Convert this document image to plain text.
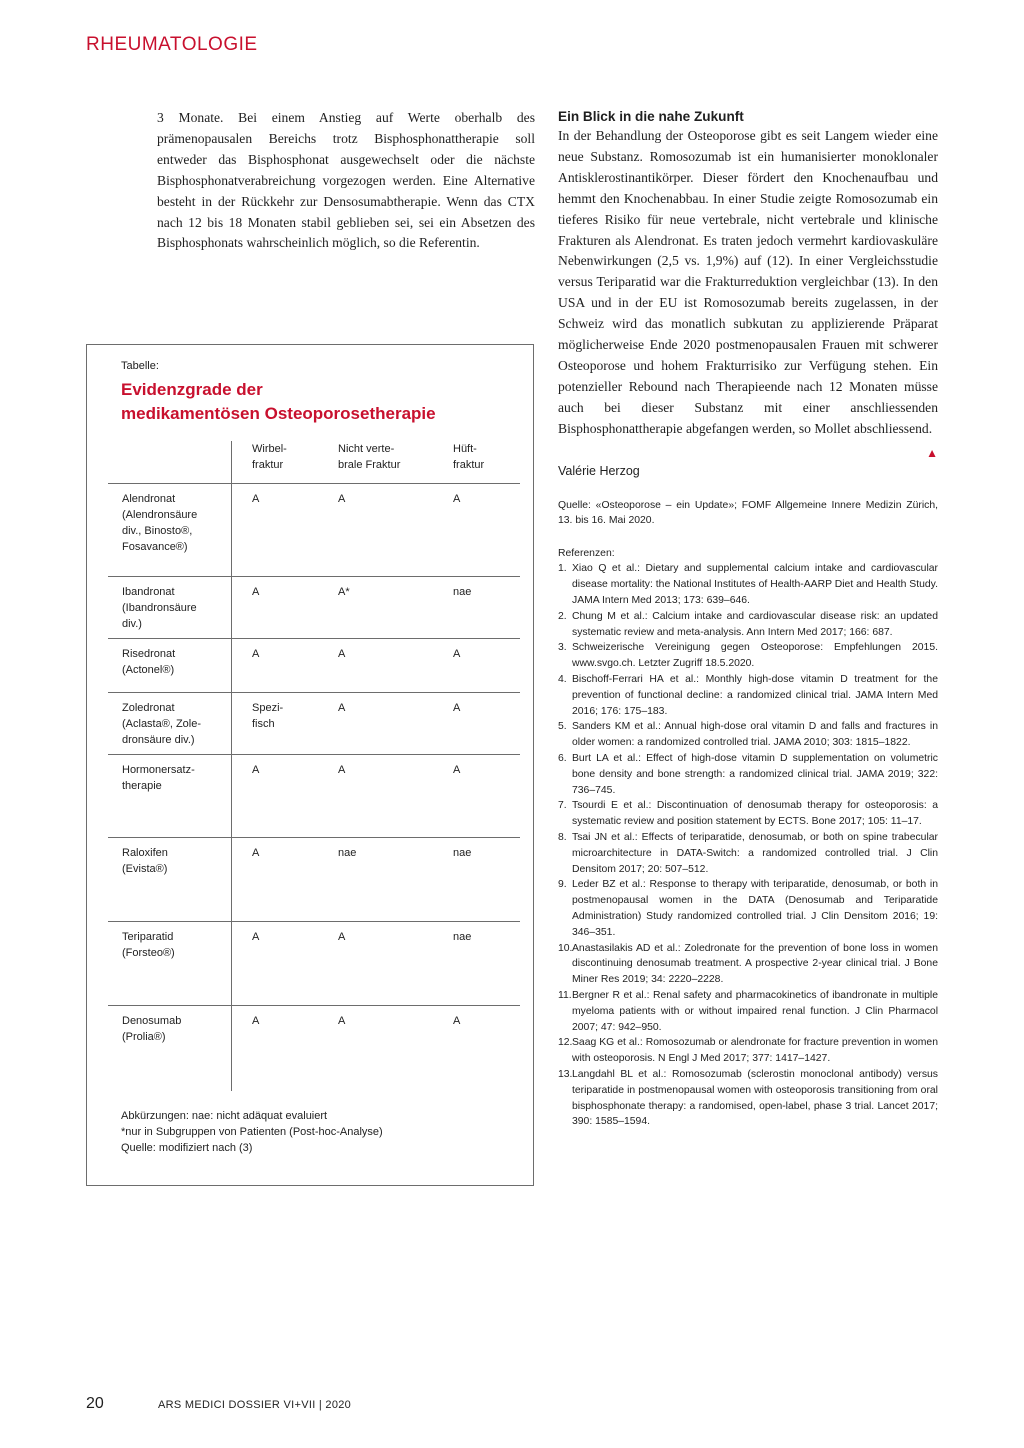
RHEUMATOLOGIE

3 Monate. Bei einem Anstieg auf Werte oberhalb des prämenopausalen Bereichs trotz Bisphosphonattherapie soll entweder das Bisphosphonat ausgewechselt oder die nächste Bisphosphonatverabreichung vorgezogen werden. Eine Alternative besteht in der Rückkehr zur Densosumabtherapie. Wenn das CTX nach 12 bis 18 Monaten stabil geblieben sei, sei ein Absetzen des Bisphosphonats wahrscheinlich möglich, so die Referentin.

Tabelle:
Evidenzgrade der
medikamentösen Osteoporosetherapie
Wirbel-
fraktur
Nicht verte-
brale Fraktur
Hüft-
fraktur
Alendronat
(Alendronsäure
div., Binosto®,
Fosavance®)
A	A	A
Ibandronat
(Ibandronsäure
div.)
A	A*	nae
Risedronat
(Actonel®)
A	A	A
Zoledronat
(Aclasta®, Zole-
dronsäure div.)
Spezi-
fisch
A	A
Hormonersatz-
therapie
A	A	A
Raloxifen
(Evista®)
A	nae	nae
Teriparatid
(Forsteo®)
A	A	nae
Denosumab
(Prolia®)
A	A	A
Abkürzungen: nae: nicht adäquat evaluiert
*nur in Subgruppen von Patienten (Post-hoc-Analyse)
Quelle: modifiziert nach (3)
Ein Blick in die nahe Zukunft

In der Behandlung der Osteoporose gibt es seit Langem wieder eine neue Substanz. Romosozumab ist ein humanisierter monoklonaler Antisklerostinantikörper. Dieser fördert den Knochenaufbau und hemmt den Knochenabbau. In einer Studie zeigte Romosozumab ein tieferes Risiko für neue vertebrale, nicht vertebrale und klinische Frakturen als Alendronat. Es traten jedoch vermehrt kardiovaskuläre Nebenwirkungen (2,5 vs. 1,9%) auf (12). In einer Vergleichsstudie versus Teriparatid war die Frakturreduktion vergleichbar (13). In den USA und in der EU ist Romosozumab bereits zugelassen, in der Schweiz wird das monatlich subkutan zu applizierende Präparat möglicherweise Ende 2020 postmenopausalen Frauen mit schwerer Osteoporose und hohem Frakturrisiko zur Verfügung stehen. Ein potenzieller Rebound nach Therapieende nach 12 Monaten müsse auch bei dieser Substanz mit einer anschliessenden Bisphosphonattherapie abgefangen werden, so Mollet abschliessend.
▲

Valérie Herzog
Quelle: «Osteoporose – ein Update»; FOMF Allgemeine Innere Medizin Zürich, 13. bis 16. Mai 2020.
Referenzen:
1. Xiao Q et al.: Dietary and supplemental calcium intake and cardiovascular disease mortality: the National Institutes of Health-AARP Diet and Health Study. JAMA Intern Med 2013; 173: 639–646.
2. Chung M et al.: Calcium intake and cardiovascular disease risk: an updated systematic review and meta-analysis. Ann Intern Med 2017; 166: 687.
3. Schweizerische Vereinigung gegen Osteoporose: Empfehlungen 2015. www.svgo.ch. Letzter Zugriff 18.5.2020.
4. Bischoff-Ferrari HA et al.: Monthly high-dose vitamin D treatment for the prevention of functional decline: a randomized clinical trial. JAMA Intern Med 2016; 176: 175–183.
5. Sanders KM et al.: Annual high-dose oral vitamin D and falls and fractures in older women: a randomized controlled trial. JAMA 2010; 303: 1815–1822.
6. Burt LA et al.: Effect of high-dose vitamin D supplementation on volumetric bone density and bone strength: a randomized clinical trial. JAMA 2019; 322: 736–745.
7. Tsourdi E et al.: Discontinuation of denosumab therapy for osteoporosis: a systematic review and position statement by ECTS. Bone 2017; 105: 11–17.
8. Tsai JN et al.: Effects of teriparatide, denosumab, or both on spine trabecular microarchitecture in DATA-Switch: a randomized controlled trial. J Clin Densitom 2017; 20: 507–512.
9. Leder BZ et al.: Response to therapy with teriparatide, denosumab, or both in postmenopausal women in the DATA (Denosumab and Teriparatide Administration) Study randomized controlled trial. J Clin Densitom 2016; 19: 346–351.
10. Anastasilakis AD et al.: Zoledronate for the prevention of bone loss in women discontinuing denosumab treatment. A prospective 2-year clinical trial. J Bone Miner Res 2019; 34: 2220–2228.
11. Bergner R et al.: Renal safety and pharmacokinetics of ibandronate in multiple myeloma patients with or without impaired renal function. J Clin Pharmacol 2007; 47: 942–950.
12. Saag KG et al.: Romosozumab or alendronate for fracture prevention in women with osteoporosis. N Engl J Med 2017; 377: 1417–1427.
13. Langdahl BL et al.: Romosozumab (sclerostin monoclonal antibody) versus teriparatide in postmenopausal women with osteoporosis transitioning from oral bisphosphonate therapy: a randomised, open-label, phase 3 trial. Lancet 2017; 390: 1585–1594.
20	ARS MEDICI DOSSIER VI+VII | 2020
